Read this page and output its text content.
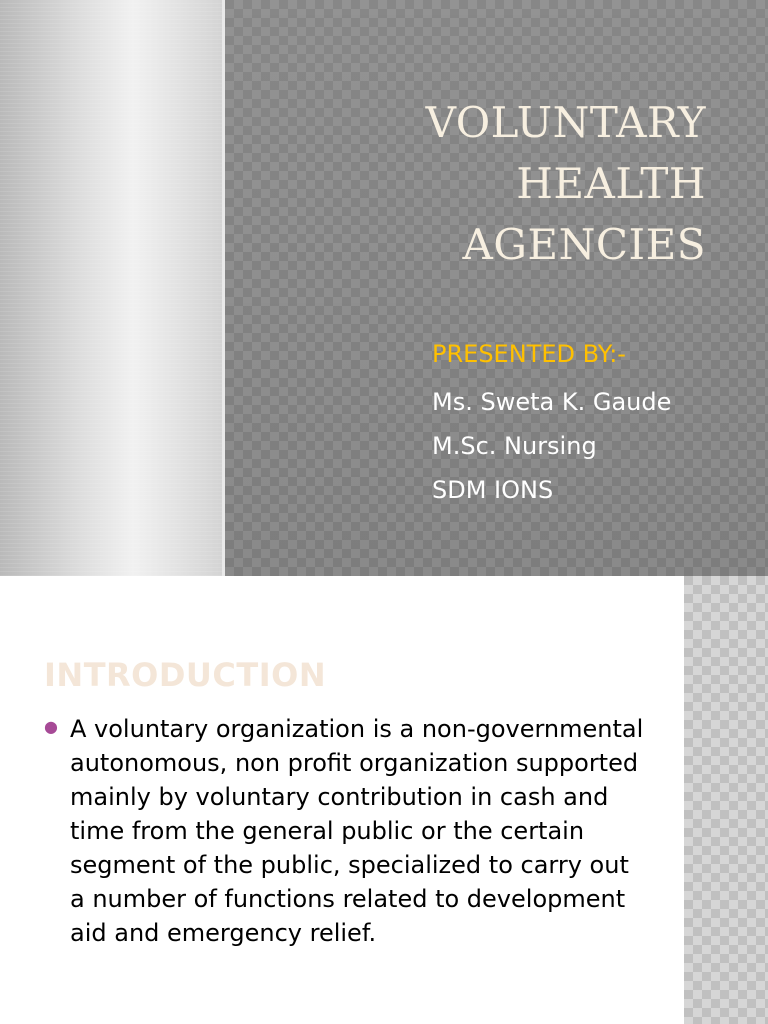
VOLUNTARY
HEALTH
AGENCIES
PRESENTED BY:-
Ms. Sweta K. Gaude
M.Sc. Nursing
SDM IONS
INTRODUCTION
● A voluntary organization is a non-governmental autonomous, non profit organization supported mainly by voluntary contribution in cash and time from the general public or the certain segment of the public, specialized to carry out a number of functions related to development aid and emergency relief.
